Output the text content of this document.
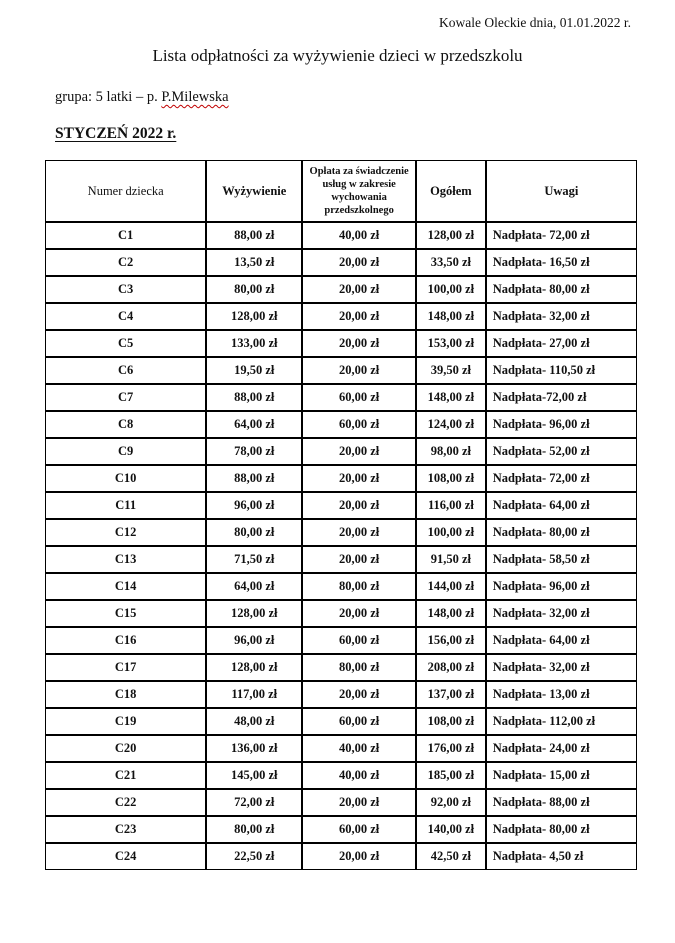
Kowale Oleckie dnia, 01.01.2022 r.
Lista odpłatności za wyżywienie dzieci w przedszkolu
grupa: 5 latki – p. P.Milewska
STYCZEŃ 2022 r.
Numer dziecka	Wyżywienie	Opłata za świadczenie usług w zakresie wychowania przedszkolnego	Ogółem	Uwagi
C1	88,00 zł	40,00 zł	128,00 zł	Nadpłata- 72,00 zł
C2	13,50 zł	20,00 zł	33,50 zł	Nadpłata- 16,50 zł
C3	80,00 zł	20,00 zł	100,00 zł	Nadpłata- 80,00 zł
C4	128,00 zł	20,00 zł	148,00 zł	Nadpłata- 32,00 zł
C5	133,00 zł	20,00 zł	153,00 zł	Nadpłata- 27,00 zł
C6	19,50 zł	20,00 zł	39,50 zł	Nadpłata- 110,50 zł
C7	88,00 zł	60,00 zł	148,00 zł	Nadpłata-72,00 zł
C8	64,00 zł	60,00 zł	124,00 zł	Nadpłata- 96,00 zł
C9	78,00 zł	20,00 zł	98,00 zł	Nadpłata- 52,00 zł
C10	88,00 zł	20,00 zł	108,00 zł	Nadpłata- 72,00 zł
C11	96,00 zł	20,00 zł	116,00 zł	Nadpłata- 64,00 zł
C12	80,00 zł	20,00 zł	100,00 zł	Nadpłata- 80,00 zł
C13	71,50 zł	20,00 zł	91,50 zł	Nadpłata- 58,50 zł
C14	64,00 zł	80,00 zł	144,00 zł	Nadpłata- 96,00 zł
C15	128,00 zł	20,00 zł	148,00 zł	Nadpłata- 32,00 zł
C16	96,00 zł	60,00 zł	156,00 zł	Nadpłata- 64,00 zł
C17	128,00 zł	80,00 zł	208,00 zł	Nadpłata- 32,00 zł
C18	117,00 zł	20,00 zł	137,00 zł	Nadpłata- 13,00 zł
C19	48,00 zł	60,00 zł	108,00 zł	Nadpłata- 112,00 zł
C20	136,00 zł	40,00 zł	176,00 zł	Nadpłata- 24,00 zł
C21	145,00 zł	40,00 zł	185,00 zł	Nadpłata- 15,00 zł
C22	72,00 zł	20,00 zł	92,00 zł	Nadpłata- 88,00 zł
C23	80,00 zł	60,00 zł	140,00 zł	Nadpłata- 80,00 zł
C24	22,50 zł	20,00 zł	42,50 zł	Nadpłata- 4,50 zł
